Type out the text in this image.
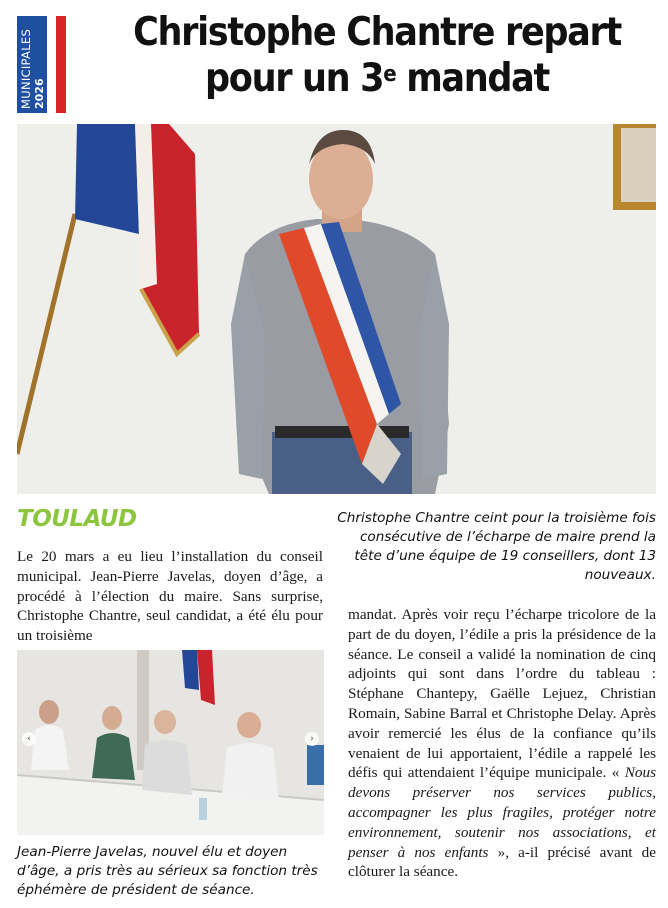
MUNICIPALES 2026
Christophe Chantre repart
pour un 3e mandat
TOULAUD	Christophe Chantre ceint pour la troisième fois consécutive de l’écharpe de maire prend la tête d’une équipe de 19 conseillers, dont 13 nouveaux.
Le 20 mars a eu lieu l’installation du conseil municipal. Jean-Pierre Javelas, doyen d’âge, a procédé à l’élection du maire. Sans surprise, Christophe Chantre, seul candidat, a été élu pour un troisième
‹	›
Jean-Pierre Javelas, nouvel élu et doyen d’âge, a pris très au sérieux sa fonction très éphémère de président de séance.
mandat. Après voir reçu l’écharpe tricolore de la part de du doyen, l’édile a pris la présidence de la séance. Le conseil a validé la nomination de cinq adjoints qui sont dans l’ordre du tableau : Stéphane Chantepy, Gaëlle Lejuez, Christian Romain, Sabine Barral et Christophe Delay. Après avoir remercié les élus de la confiance qu’ils venaient de lui apportaient, l’édile a rappelé les défis qui attendaient l’équipe municipale. « Nous devons préserver nos services publics, accompagner les plus fragiles, protéger notre environnement, soutenir nos associations, et penser à nos enfants », a-il précisé avant de clôturer la séance.
